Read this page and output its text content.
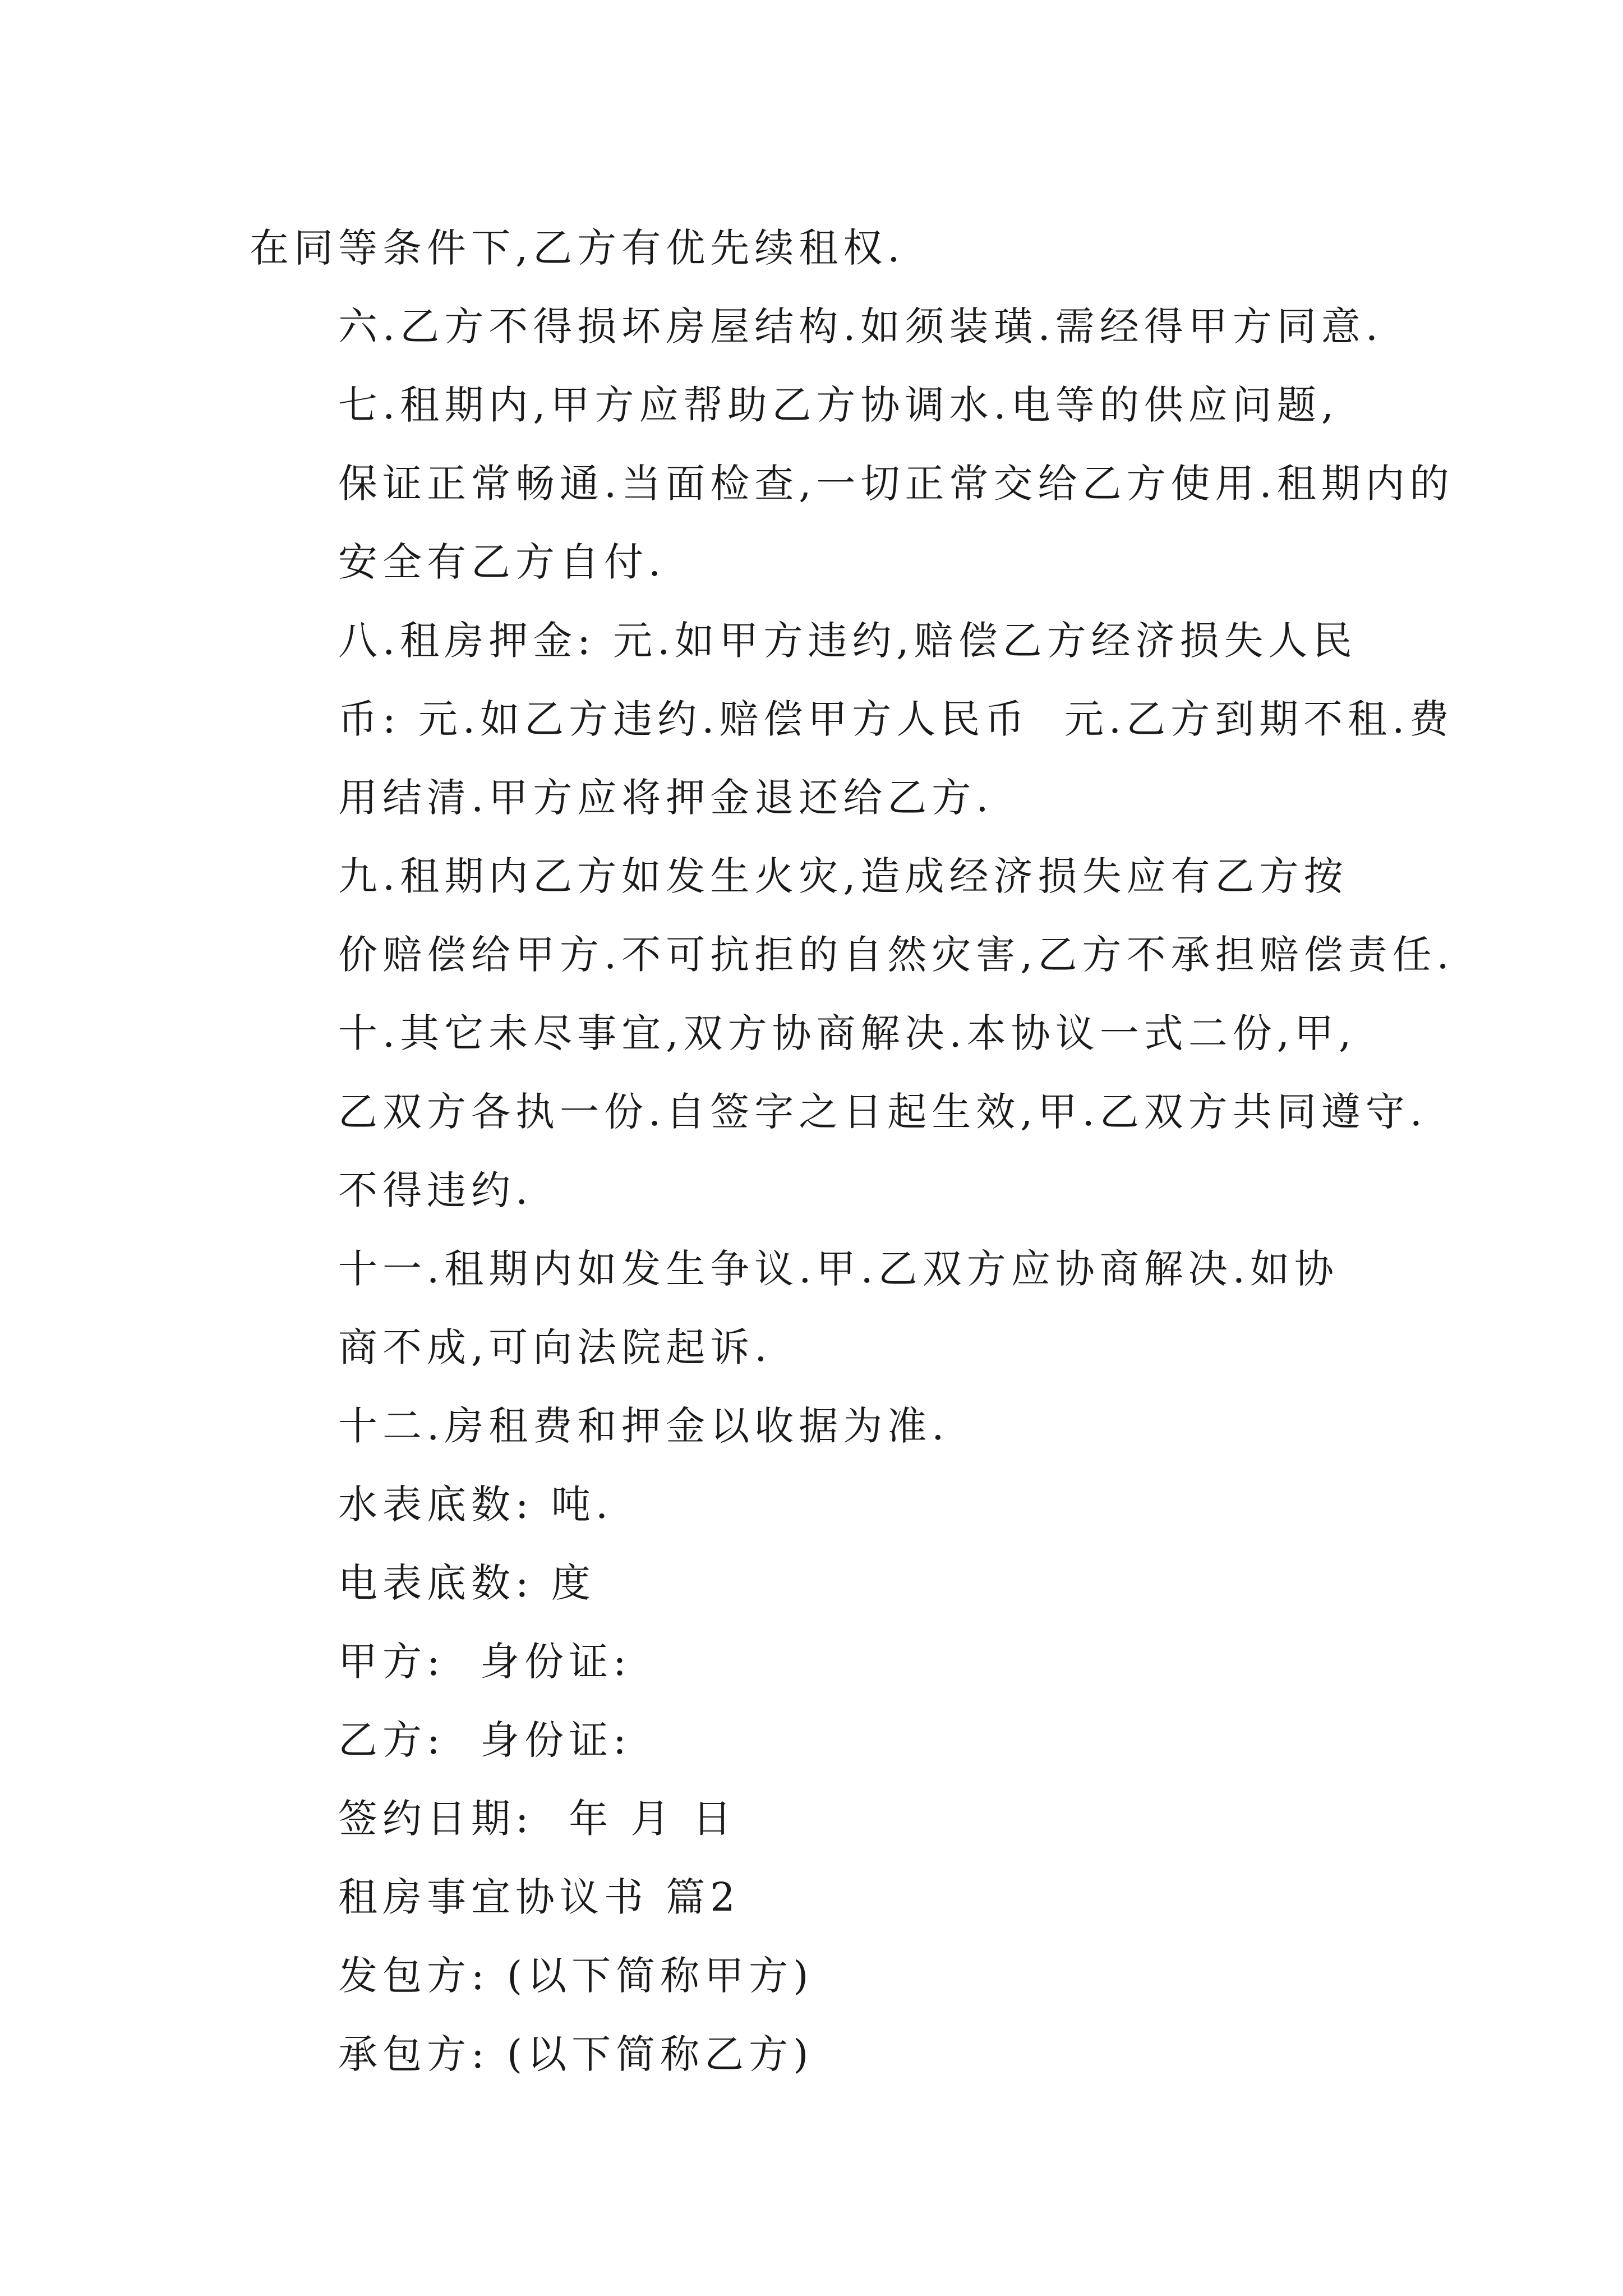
在同等条件下,乙方有优先续租权.

六.乙方不得损坏房屋结构.如须装璜.需经得甲方同意.

七.租期内,甲方应帮助乙方协调水.电等的供应问题,
保证正常畅通.当面检查,一切正常交给乙方使用.租期内的
安全有乙方自付.

八.租房押金: 元.如甲方违约,赔偿乙方经济损失人民
币: 元.如乙方违约.赔偿甲方人民币  元.乙方到期不租.费
用结清.甲方应将押金退还给乙方.

九.租期内乙方如发生火灾,造成经济损失应有乙方按
价赔偿给甲方.不可抗拒的自然灾害,乙方不承担赔偿责任.

十.其它未尽事宜,双方协商解决.本协议一式二份,甲,
乙双方各执一份.自签字之日起生效,甲.乙双方共同遵守.
不得违约.

十一.租期内如发生争议.甲.乙双方应协商解决.如协
商不成,可向法院起诉.

十二.房租费和押金以收据为准.

水表底数: 吨.

电表底数: 度

甲方:  身份证:

乙方:  身份证:

签约日期:  年 月 日

租房事宜协议书 篇2

发包方: (以下简称甲方)

承包方: (以下简称乙方)
